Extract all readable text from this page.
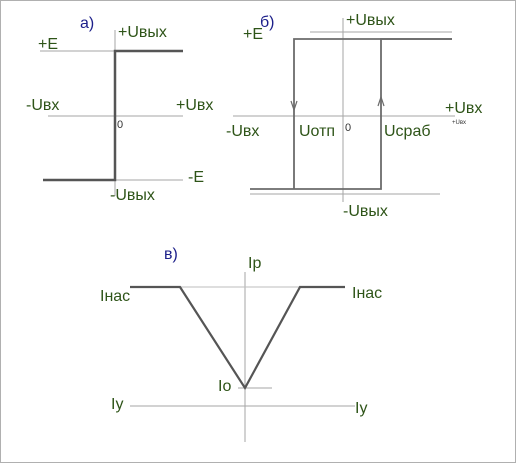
а)
+Uвых
+E
-Uвх	+Uвх
0
-E
-Uвых
б)	+Uвых
+E
+Uвх
+Uвх
-Uвх	0
Uотп	Uсраб
-Uвых
в)
Iр
Iнас	Iнас
Io
Iy	Iy
